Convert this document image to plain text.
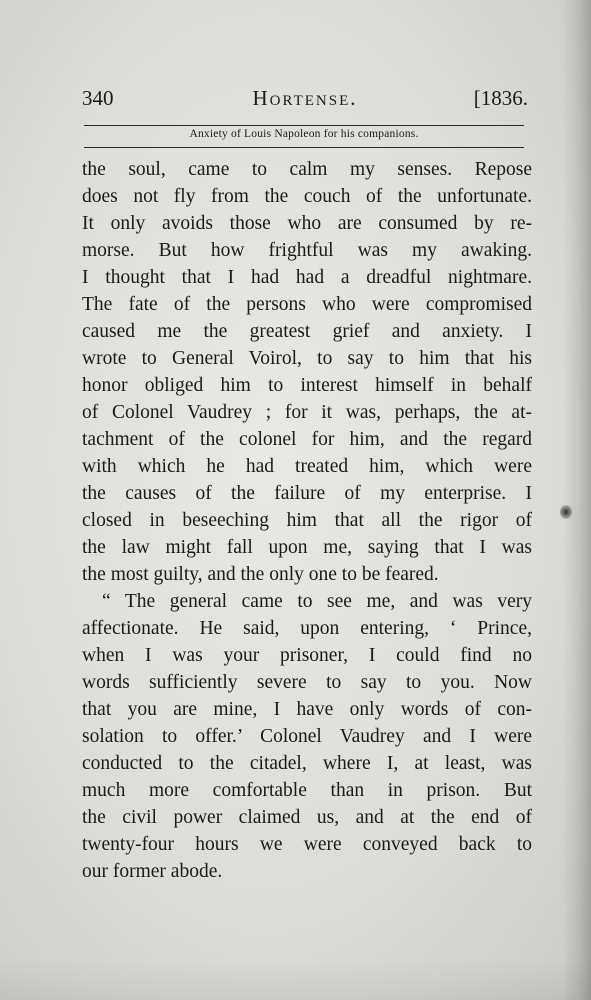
340	Hortense.	[1836.
Anxiety of Louis Napoleon for his companions.
the soul, came to calm my senses. Repose
does not fly from the couch of the unfortunate.
It only avoids those who are consumed by re-
morse. But how frightful was my awaking.
I thought that I had had a dreadful nightmare.
The fate of the persons who were compromised
caused me the greatest grief and anxiety. I
wrote to General Voirol, to say to him that his
honor obliged him to interest himself in behalf
of Colonel Vaudrey ; for it was, perhaps, the at-
tachment of the colonel for him, and the regard
with which he had treated him, which were
the causes of the failure of my enterprise. I
closed in beseeching him that all the rigor of
the law might fall upon me, saying that I was
the most guilty, and the only one to be feared.
“ The general came to see me, and was very
affectionate. He said, upon entering, ‘ Prince,
when I was your prisoner, I could find no
words sufficiently severe to say to you. Now
that you are mine, I have only words of con-
solation to offer.’ Colonel Vaudrey and I were
conducted to the citadel, where I, at least, was
much more comfortable than in prison. But
the civil power claimed us, and at the end of
twenty-four hours we were conveyed back to
our former abode.
